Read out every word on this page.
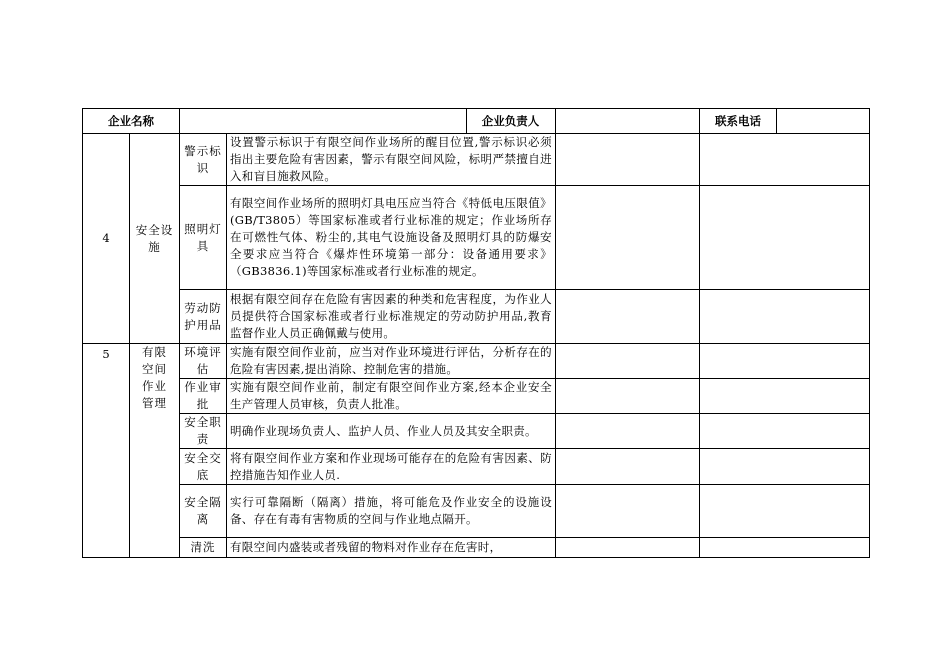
企业名称		企业负责人			联系电话	
4	安全设施	警示标识	设置警示标识于有限空间作业场所的醒目位置,警示标识必须指出主要危险有害因素，警示有限空间风险，标明严禁擅自进入和盲目施救风险。			
		照明灯具	有限空间作业场所的照明灯具电压应当符合《特低电压限值》(GB/T3805）等国家标准或者行业标准的规定；作业场所存在可燃性气体、粉尘的,其电气设施设备及照明灯具的防爆安全要求应当符合《爆炸性环境第一部分：设备通用要求》（GB3836.1)等国家标准或者行业标准的规定。			
		劳动防护用品	根据有限空间存在危险有害因素的种类和危害程度，为作业人员提供符合国家标准或者行业标准规定的劳动防护用品,教育监督作业人员正确佩戴与使用。			
5	有限空间作业管理	环境评估	实施有限空间作业前，应当对作业环境进行评估，分析存在的危险有害因素,提出消除、控制危害的措施。			
		作业审批	实施有限空间作业前，制定有限空间作业方案,经本企业安全生产管理人员审核，负责人批准。			
		安全职责	明确作业现场负责人、监护人员、作业人员及其安全职责。			
		安全交底	将有限空间作业方案和作业现场可能存在的危险有害因素、防控措施告知作业人员.			
		安全隔离	实行可靠隔断（隔离）措施，将可能危及作业安全的设施设备、存在有毒有害物质的空间与作业地点隔开。			
		清洗	有限空间内盛装或者残留的物料对作业存在危害时，			
